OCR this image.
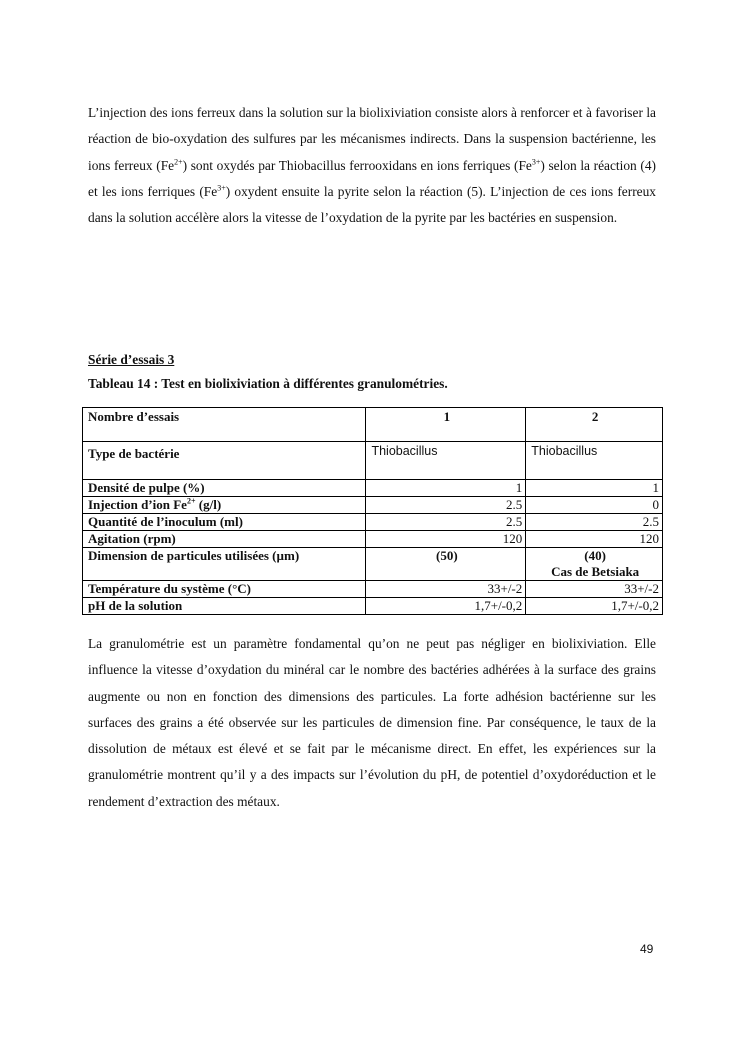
L’injection des ions ferreux dans la solution sur la biolixiviation consiste alors à renforcer et à favoriser la réaction de bio-oxydation des sulfures par les mécanismes indirects. Dans la suspension bactérienne, les ions ferreux $(Fe^{2+})$ sont oxydés par Thiobacillus ferrooxidans en ions ferriques $(Fe^{3+})$ selon la réaction (4) et les ions ferriques $(Fe^{3+})$ oxydent ensuite la pyrite selon la réaction (5). L’injection de ces ions ferreux dans la solution accélère alors la vitesse de l’oxydation de la pyrite par les bactéries en suspension.
Série d’essais 3
Tableau 14 : Test en biolixiviation à différentes granulométries.
Nombre d’essais	1	2
Type de bactérie	Thiobacillus	Thiobacillus
Densité de pulpe (%)	1	1
Injection d’ion $Fe^{2+}$ (g/l)	2.5	0
Quantité de l’inoculum (ml)	2.5	2.5
Agitation (rpm)	120	120
Dimension de particules utilisées (µm)	(50)	(40)
Cas de Betsiaka

Température du système (°C)	33+/-2	33+/-2
pH de la solution	1,7+/-0,2	1,7+/-0,2
La granulométrie est un paramètre fondamental qu’on ne peut pas négliger en biolixiviation. Elle influence la vitesse d’oxydation du minéral car le nombre des bactéries adhérées à la surface des grains augmente ou non en fonction des dimensions des particules. La forte adhésion bactérienne sur les surfaces des grains a été observée sur les particules de dimension fine. Par conséquence, le taux de la dissolution de métaux est élevé et se fait par le mécanisme direct. En effet, les expériences sur la granulométrie montrent qu’il y a des impacts sur l’évolution du pH, de potentiel d’oxydoréduction et le rendement d’extraction des métaux.
49
